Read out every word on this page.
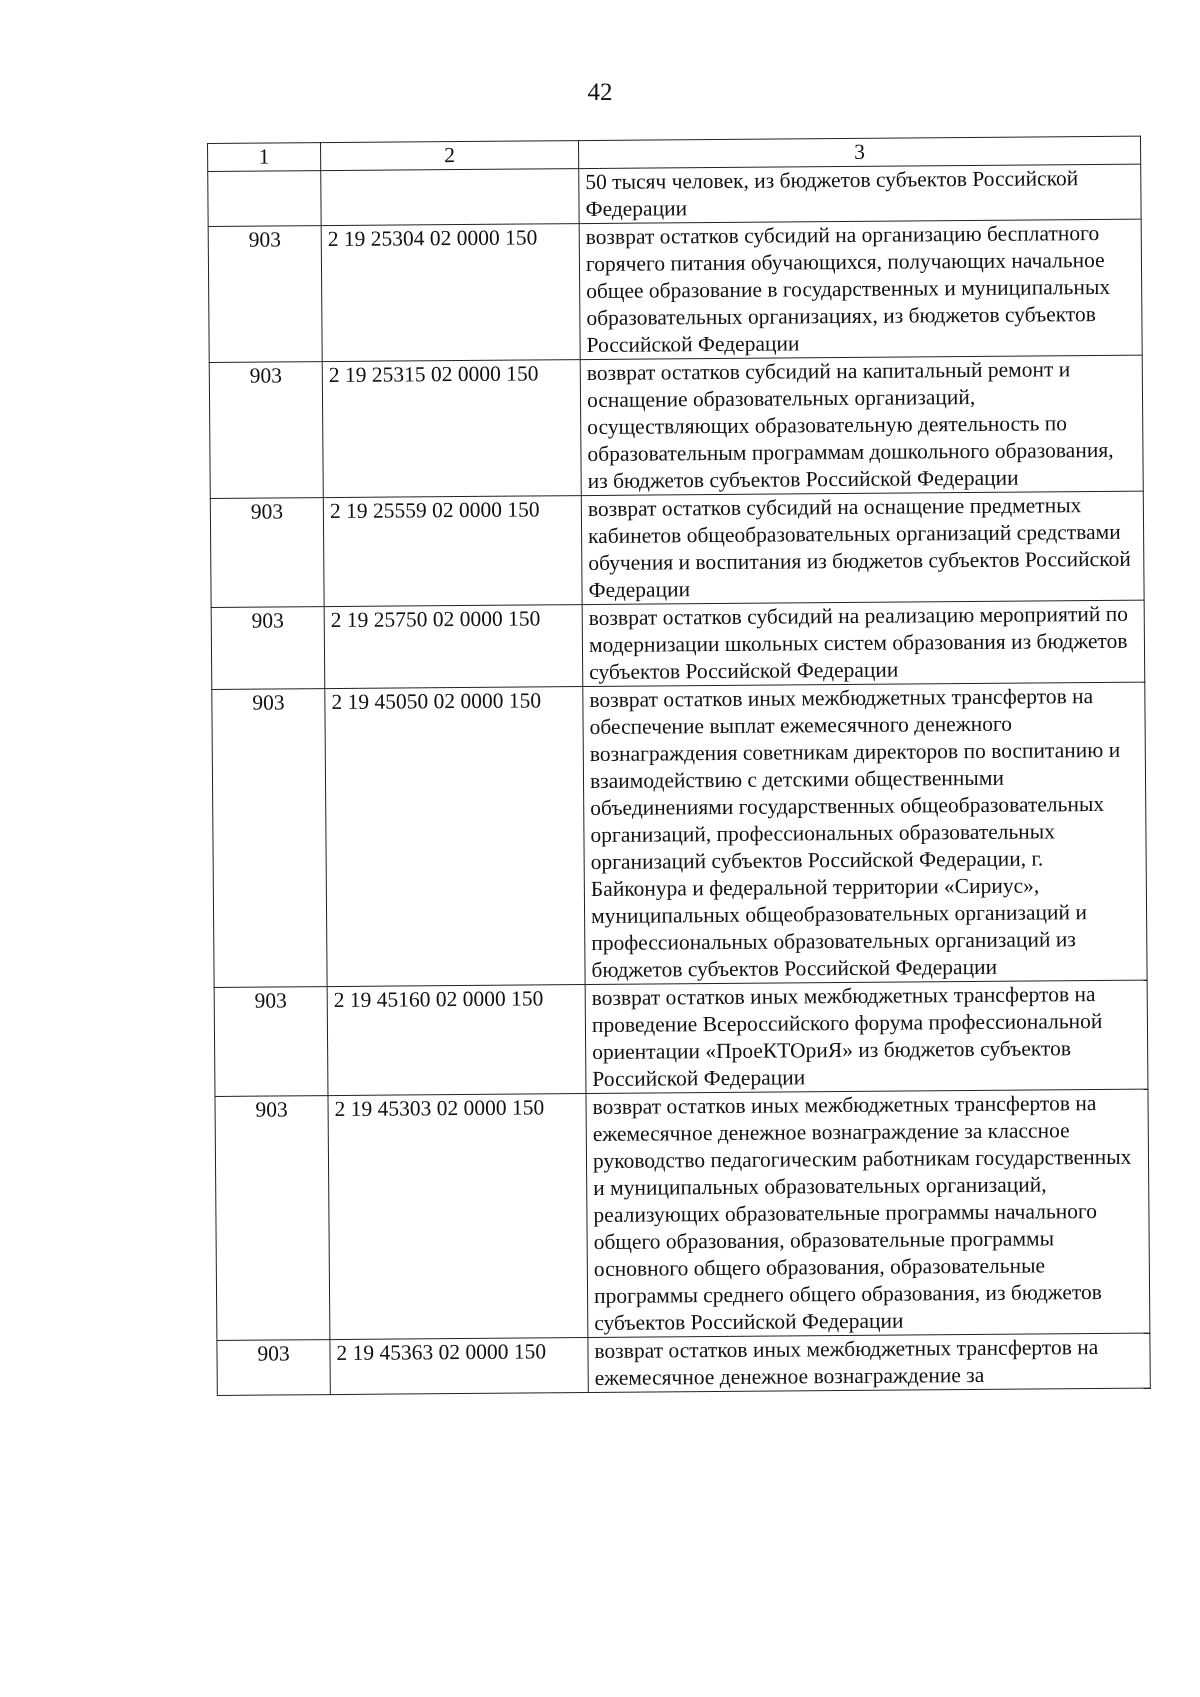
42
1	2	3
		50 тысяч человек, из бюджетов субъектов Российской Федерации
903	2 19 25304 02 0000 150	возврат остатков субсидий на организацию бесплатного горячего питания обучающихся, получающих начальное общее образование в государственных и муниципальных образовательных организациях, из бюджетов субъектов Российской Федерации
903	2 19 25315 02 0000 150	возврат остатков субсидий на капитальный ремонт и оснащение образовательных организаций, осуществляющих образовательную деятельность по образовательным программам дошкольного образования, из бюджетов субъектов Российской Федерации
903	2 19 25559 02 0000 150	возврат остатков субсидий на оснащение предметных кабинетов общеобразовательных организаций средствами обучения и воспитания из бюджетов субъектов Российской Федерации
903	2 19 25750 02 0000 150	возврат остатков субсидий на реализацию мероприятий по модернизации школьных систем образования из бюджетов субъектов Российской Федерации
903	2 19 45050 02 0000 150	возврат остатков иных межбюджетных трансфертов на обеспечение выплат ежемесячного денежного вознаграждения советникам директоров по воспитанию и взаимодействию с детскими общественными объединениями государственных общеобразовательных организаций, профессиональных образовательных организаций субъектов Российской Федерации, г. Байконура и федеральной территории «Сириус», муниципальных общеобразовательных организаций и профессиональных образовательных организаций из бюджетов субъектов Российской Федерации
903	2 19 45160 02 0000 150	возврат остатков иных межбюджетных трансфертов на проведение Всероссийского форума профессиональной ориентации «ПроеКТОриЯ» из бюджетов субъектов Российской Федерации
903	2 19 45303 02 0000 150	возврат остатков иных межбюджетных трансфертов на ежемесячное денежное вознаграждение за классное руководство педагогическим работникам государственных и муниципальных образовательных организаций, реализующих образовательные программы начального общего образования, образовательные программы основного общего образования, образовательные программы среднего общего образования, из бюджетов субъектов Российской Федерации
903	2 19 45363 02 0000 150	возврат остатков иных межбюджетных трансфертов на ежемесячное денежное вознаграждение за
